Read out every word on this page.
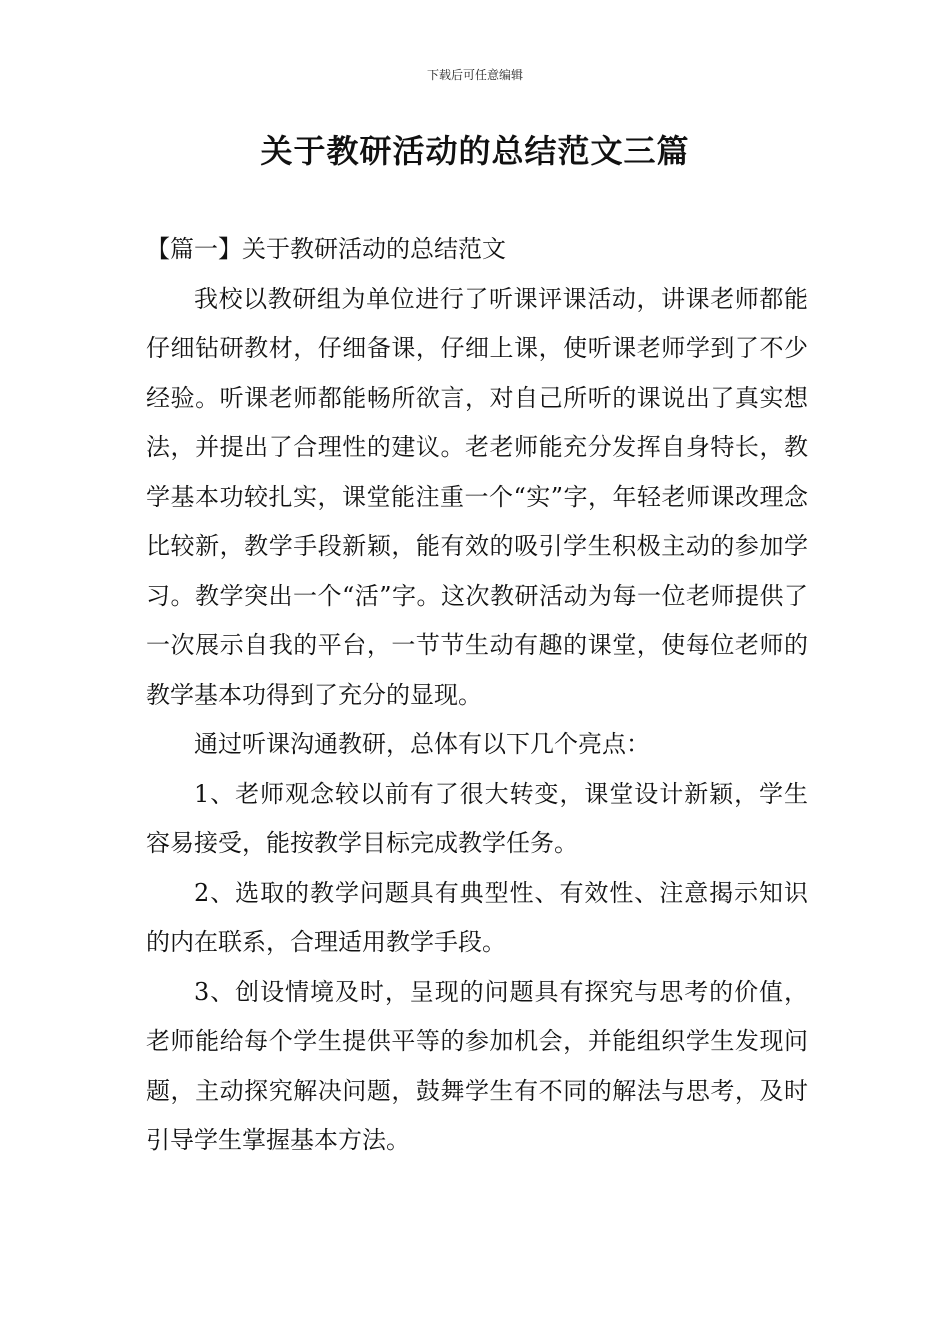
下载后可任意编辑
关于教研活动的总结范文三篇

【篇一】关于教研活动的总结范文

我校以教研组为单位进行了听课评课活动，讲课老师都能仔细钻研教材，仔细备课，仔细上课，使听课老师学到了不少经验。听课老师都能畅所欲言，对自己所听的课说出了真实想法，并提出了合理性的建议。老老师能充分发挥自身特长，教学基本功较扎实，课堂能注重一个“实”字，年轻老师课改理念比较新，教学手段新颖，能有效的吸引学生积极主动的参加学习。教学突出一个“活”字。这次教研活动为每一位老师提供了一次展示自我的平台，一节节生动有趣的课堂，使每位老师的教学基本功得到了充分的显现。

通过听课沟通教研，总体有以下几个亮点：

1、老师观念较以前有了很大转变，课堂设计新颖，学生容易接受，能按教学目标完成教学任务。

2、选取的教学问题具有典型性、有效性、注意揭示知识的内在联系，合理适用教学手段。

3、创设情境及时，呈现的问题具有探究与思考的价值，老师能给每个学生提供平等的参加机会，并能组织学生发现问题，主动探究解决问题，鼓舞学生有不同的解法与思考，及时引导学生掌握基本方法。
